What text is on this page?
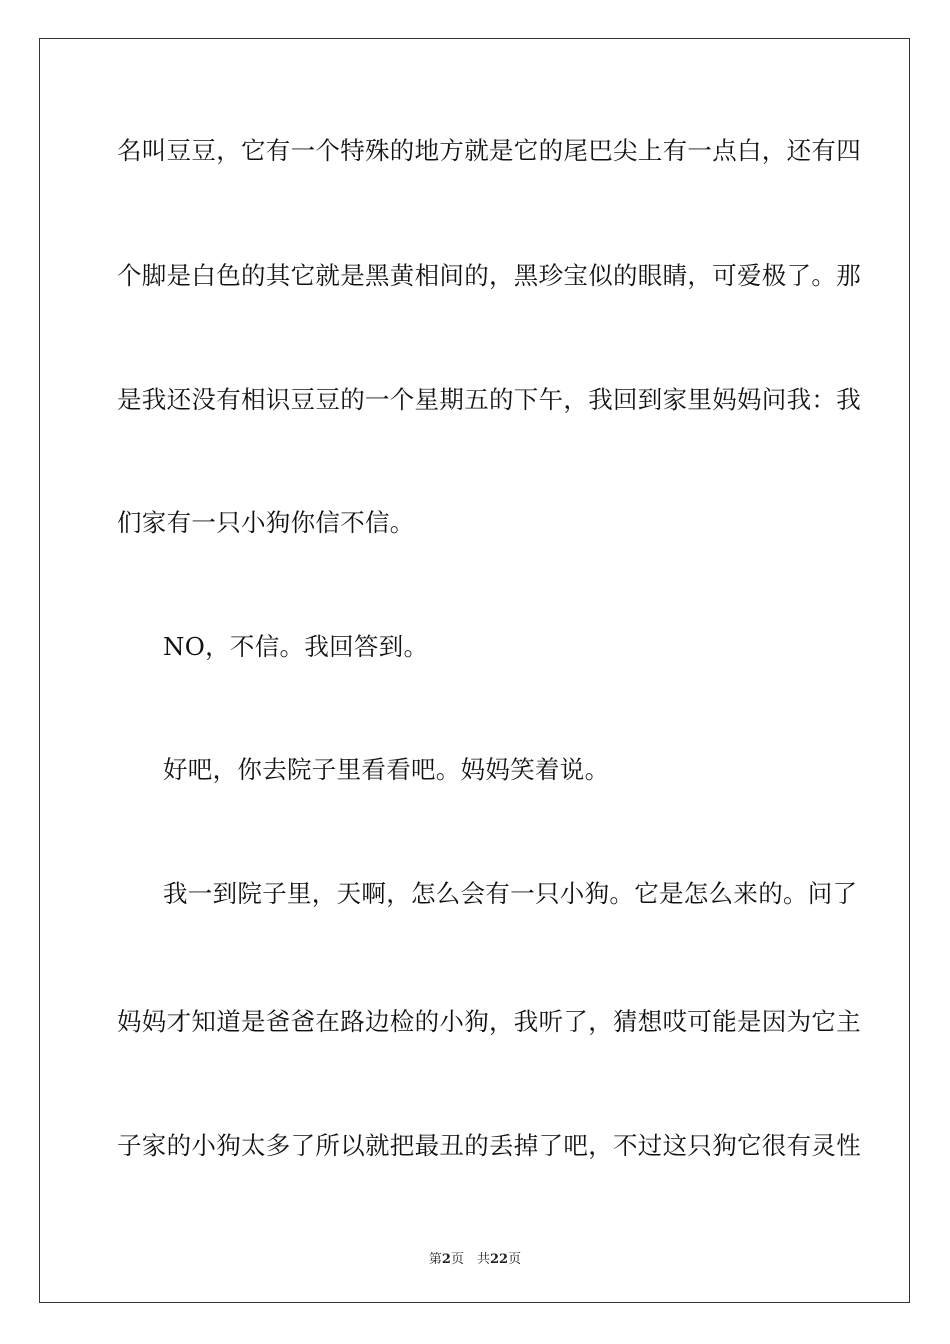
名叫豆豆，它有一个特殊的地方就是它的尾巴尖上有一点白，还有四
个脚是白色的其它就是黑黄相间的，黑珍宝似的眼睛，可爱极了。那
是我还没有相识豆豆的一个星期五的下午，我回到家里妈妈问我：我
们家有一只小狗你信不信。
NO，不信。我回答到。
好吧，你去院子里看看吧。妈妈笑着说。
我一到院子里，天啊，怎么会有一只小狗。它是怎么来的。问了
妈妈才知道是爸爸在路边检的小狗，我听了，猜想哎可能是因为它主
子家的小狗太多了所以就把最丑的丢掉了吧，不过这只狗它很有灵性
第2页　共22页
